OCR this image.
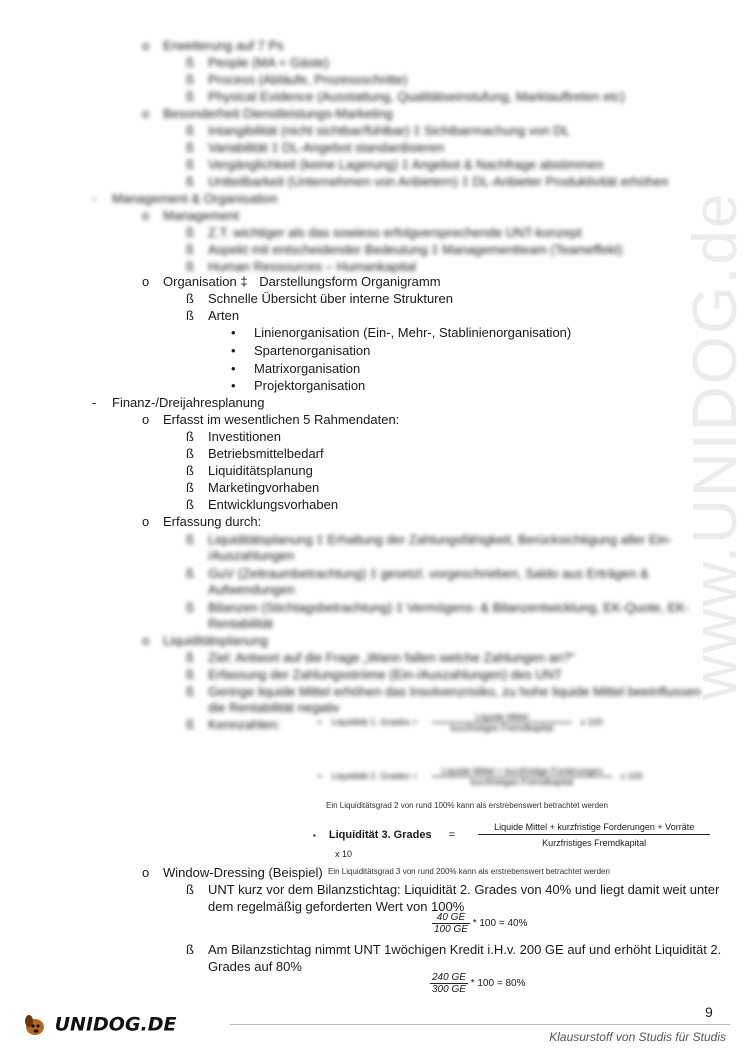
www.UNIDOG.de
o Erweiterung auf 7 Ps
ß People (MA + Gäste)
ß Process (Abläufe, Prozessschritte)
ß Physical Evidence (Ausstattung, Qualitätseinstufung, Marktauftreten etc)
o Besonderheit Dienstleistungs-Marketing
ß Intangibilität (nicht sichtbar/fühlbar) ‡ Sichtbarmachung von DL
ß Variabilität ‡ DL-Angebot standardisieren
ß Vergänglichkeit (keine Lagerung) ‡ Angebot & Nachfrage abstimmen
ß Untteilbarkeit (Unternehmen von Anbietern) ‡ DL-Anbieter Produktivität erhöhen
- Management & Organisation
o Management
ß Z.T. wichtiger als das sowieso erfolgversprechende UNT-konzept
ß Aspekt mit entscheidender Bedeutung ‡ Managementteam (Teameffekt)
ß Human Ressources – Humankapital
o Organisation ‡ Darstellungsform Organigramm
ß Schnelle Übersicht über interne Strukturen
ß Arten
• Linienorganisation (Ein-, Mehr-, Stablinienorganisation)
• Spartenorganisation
• Matrixorganisation
• Projektorganisation
- Finanz-/Dreijahresplanung
o Erfasst im wesentlichen 5 Rahmendaten:
ß Investitionen
ß Betriebsmittelbedarf
ß Liquiditätsplanung
ß Marketingvorhaben
ß Entwicklungsvorhaben
o Erfassung durch:
ß Liquiditätsplanung ‡ Erhaltung der Zahlungsfähigkeit, Berücksichtigung aller Ein-
/Auszahlungen
ß GuV (Zeitraumbetrachtung) ‡ gesetzl. vorgeschrieben, Saldo aus Erträgen &
Aufwendungen
ß Bilanzen (Stichtagsbetrachtung) ‡ Vermögens- & Bilanzentwicklung, EK-Quote, EK-
Rentabilität
o Liquiditätsplanung
ß Ziel: Antwort auf die Frage „Wann fallen welche Zahlungen an?“
ß Erfassung der Zahlungsströme (Ein-/Auszahlungen) des UNT
ß Geringe liquide Mittel erhöhen das Insolvenzrisiko, zu hohe liquide Mittel beeinflussen
die Rentabilität negativ
ß Kennzahlen:	▪ Liquidität 1. Grades = $\frac{\text{Liquide Mittel}}{\text{kurzfristiges Fremdkapital}}$ x 100
▪ Liquidität 2. Grades = $\frac{\text{Liquide Mittel + kurzfristige Forderungen}}{\text{kurzfristiges Fremdkapital}}$ x 100
Ein Liquiditätsgrad 2 von rund 100% kann als erstrebenswert betrachtet werden
▪ Liquidität 3. Grades =	$\frac{\text{Liquide Mittel + kurzfristige Forderungen + Vorräte}}{\text{Kurzfristiges Fremdkapital}}$
x 10
o Window-Dressing (Beispiel) Ein Liquiditätsgrad 3 von rund 200% kann als erstrebenswert betrachtet werden
ß UNT kurz vor dem Bilanzstichtag: Liquidität 2. Grades von 40% und liegt damit weit unter
dem regelmäßig geforderten Wert von 100%
$\frac{40 GE}{100 GE} * 100 = 40\%$
ß Am Bilanzstichtag nimmt UNT 1wöchigen Kredit i.H.v. 200 GE auf und erhöht Liquidität 2.
Grades auf 80%
$\frac{240 GE}{300 GE} * 100 = 80\%$
9
UNIDOG.DE
Klausurstoff von Studis für Studis
